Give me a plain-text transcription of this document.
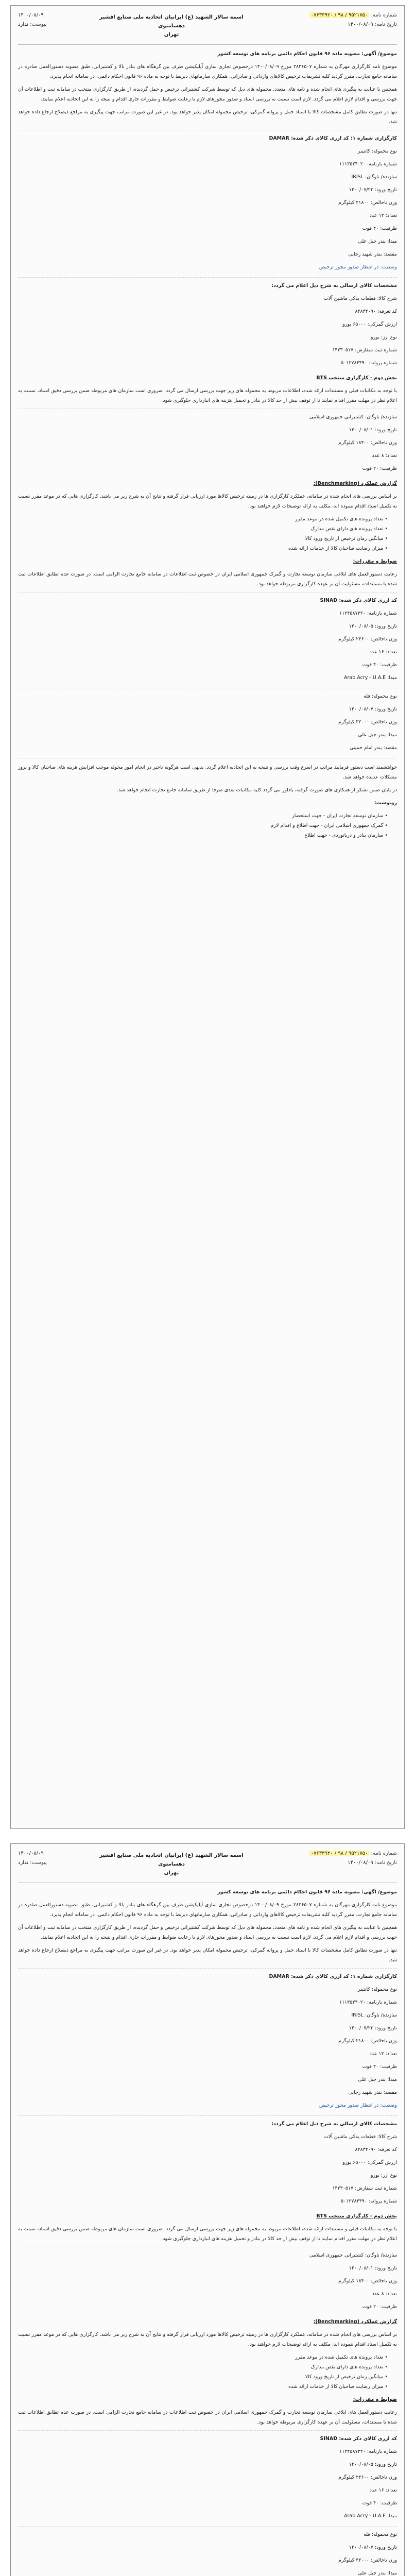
شماره نامه: ۹۵۲۱۷۵۰ / ۹۸ / ۰۷۶۳۳۹۲۰
تاریخ نامه: ۱۴۰۰/۰۸/۰۹
اسمه سالار الشهید (ع) ایرانیان اتحادیه ملی صنایع افشیر دهسامتوی
تهران
۱۴۰۰/۰۸/۰۹
پیوست: ندارد

موضوع/ آگهی: مصوبه ماده ۹۶ قانون احکام دائمی برنامه های توسعه کشور

موضوع نامه کارگزاری مهرگان به شماره ۲۸۳۶۵۰۷ مورخ ۱۴۰۰/۰۸/۰۹ درخصوص تجاری سازی آپلیکیشن ظرف بین گرهگاه های بنادر بالا و کشتیرانی، طبق مصوبه دستورالعمل صادره در سامانه جامع تجارت، مقرر گردید کلیه تشریفات ترخیص کالاهای وارداتی و صادراتی، همکاری سازمانهای ذیربط با توجه به ماده ۹۶ قانون احکام دائمی، در سامانه انجام پذیرد.

همچنین با عنایت به پیگیری های انجام شده و نامه های متعدد، محموله های ذیل که توسط شرکت کشتیرانی ترخیص و حمل گردیده، از طریق کارگزاری منتخب در سامانه ثبت و اطلاعات آن جهت بررسی و اقدام لازم اعلام می گردد. لازم است نسبت به بررسی اسناد و صدور مجوزهای لازم با رعایت ضوابط و مقررات جاری اقدام و نتیجه را به این اتحادیه اعلام نمایند.

تنها در صورت تطابق کامل مشخصات کالا با اسناد حمل و پروانه گمرکی، ترخیص محموله امکان پذیر خواهد بود. در غیر این صورت مراتب جهت پیگیری به مراجع ذیصلاح ارجاع داده خواهد شد.

کارگزاری شماره ۱: کد ارزی کالای ذکر شده: DAMAR

نوع محموله: کانتینر

شماره بارنامه: ۱۱۱۳۵۲۴۰۲۰

سازنده/ ناوگان: IRISL

تاریخ ورود: ۱۴۰۰/۰۷/۲۳

وزن ناخالص: ۲۱۸۰۰ کیلوگرم

تعداد: ۱۲ عدد

ظرفیت: ۴۰ فوت

مبدا: بندر جبل علی

مقصد: بندر شهید رجایی

وضعیت: در انتظار صدور مجوز ترخیص

مشخصات کالای ارسالی به شرح ذیل اعلام می گردد:

شرح کالا: قطعات یدکی ماشین آلات

کد تعرفه: ۸۴۸۳۴۰۹۰

ارزش گمرکی: ۶۵۰۰۰ یورو

نوع ارز: یورو

شماره ثبت سفارش: ۱۴۲۳۰۵۱۷

شماره پروانه: ۵۰۱۲۷۸۴۴۹۰

بخش دوم - کارگزاری منتخب BTS

با توجه به مکاتبات قبلی و مستندات ارائه شده، اطلاعات مربوط به محموله های زیر جهت بررسی ارسال می گردد. ضروری است سازمان های مربوطه ضمن بررسی دقیق اسناد، نسبت به اعلام نظر در مهلت مقرر اقدام نمایند تا از توقف بیش از حد کالا در بنادر و تحمیل هزینه های انبارداری جلوگیری شود.

سازنده/ ناوگان: کشتیرانی جمهوری اسلامی

تاریخ ورود: ۱۴۰۰/۰۸/۰۱

وزن ناخالص: ۱۸۴۰۰ کیلوگرم

تعداد: ۸ عدد

ظرفیت: ۲۰ فوت

گزارش عملکرد (Benchmarking):

بر اساس بررسی های انجام شده در سامانه، عملکرد کارگزاری ها در زمینه ترخیص کالاها مورد ارزیابی قرار گرفته و نتایج آن به شرح زیر می باشد. کارگزاری هایی که در موعد مقرر نسبت به تکمیل اسناد اقدام ننموده اند، مکلف به ارائه توضیحات لازم خواهند بود.

• تعداد پرونده های تکمیل شده در موعد مقرر
• تعداد پرونده های دارای نقص مدارک
• میانگین زمان ترخیص از تاریخ ورود کالا
• میزان رضایت صاحبان کالا از خدمات ارائه شده

ضوابط و مقررات:

رعایت دستورالعمل های ابلاغی سازمان توسعه تجارت و گمرک جمهوری اسلامی ایران در خصوص ثبت اطلاعات در سامانه جامع تجارت الزامی است. در صورت عدم تطابق اطلاعات ثبت شده با مستندات، مسئولیت آن بر عهده کارگزاری مربوطه خواهد بود.

کد ارزی کالای ذکر شده: SINAD

شماره بارنامه: ۱۱۲۴۵۸۷۳۲۰

تاریخ ورود: ۱۴۰۰/۰۸/۰۵

وزن ناخالص: ۲۴۶۰۰ کیلوگرم

تعداد: ۱۶ عدد

ظرفیت: ۴۰ فوت

مبدا: Arab Acry - U.A.E

نوع محموله: فله

تاریخ ورود: ۱۴۰۰/۰۸/۰۷

وزن ناخالص: ۳۲۰۰۰ کیلوگرم

مبدا: بندر جبل علی

مقصد: بندر امام خمینی

خواهشمند است دستور فرمایید مراتب در اسرع وقت بررسی و نتیجه به این اتحادیه اعلام گردد. بدیهی است هرگونه تاخیر در انجام امور محوله موجب افزایش هزینه های صاحبان کالا و بروز مشکلات عدیده خواهد شد.

در پایان ضمن تشکر از همکاری های صورت گرفته، یادآور می گردد کلیه مکاتبات بعدی صرفا از طریق سامانه جامع تجارت انجام خواهد شد.

رونوشت:

• سازمان توسعه تجارت ایران - جهت استحضار
• گمرک جمهوری اسلامی ایران - جهت اطلاع و اقدام لازم
• سازمان بنادر و دریانوردی - جهت اطلاع
شماره نامه: ۹۵۲۱۷۵۰ / ۹۸ / ۰۷۶۳۳۹۲۰
تاریخ نامه: ۱۴۰۰/۰۸/۰۹
اسمه سالار الشهید (ع) ایرانیان اتحادیه ملی صنایع افشیر دهسامتوی
تهران
۱۴۰۰/۰۸/۰۹
پیوست: ندارد

موضوع/ آگهی: مصوبه ماده ۹۶ قانون احکام دائمی برنامه های توسعه کشور

موضوع نامه کارگزاری مهرگان به شماره ۲۸۳۶۵۰۷ مورخ ۱۴۰۰/۰۸/۰۹ درخصوص تجاری سازی آپلیکیشن ظرف بین گرهگاه های بنادر بالا و کشتیرانی، طبق مصوبه دستورالعمل صادره در سامانه جامع تجارت، مقرر گردید کلیه تشریفات ترخیص کالاهای وارداتی و صادراتی، همکاری سازمانهای ذیربط با توجه به ماده ۹۶ قانون احکام دائمی، در سامانه انجام پذیرد.

همچنین با عنایت به پیگیری های انجام شده و نامه های متعدد، محموله های ذیل که توسط شرکت کشتیرانی ترخیص و حمل گردیده، از طریق کارگزاری منتخب در سامانه ثبت و اطلاعات آن جهت بررسی و اقدام لازم اعلام می گردد. لازم است نسبت به بررسی اسناد و صدور مجوزهای لازم با رعایت ضوابط و مقررات جاری اقدام و نتیجه را به این اتحادیه اعلام نمایند.

تنها در صورت تطابق کامل مشخصات کالا با اسناد حمل و پروانه گمرکی، ترخیص محموله امکان پذیر خواهد بود. در غیر این صورت مراتب جهت پیگیری به مراجع ذیصلاح ارجاع داده خواهد شد.

کارگزاری شماره ۱: کد ارزی کالای ذکر شده: DAMAR

نوع محموله: کانتینر

شماره بارنامه: ۱۱۱۳۵۲۴۰۲۰

سازنده/ ناوگان: IRISL

تاریخ ورود: ۱۴۰۰/۰۷/۲۳

وزن ناخالص: ۲۱۸۰۰ کیلوگرم

تعداد: ۱۲ عدد

ظرفیت: ۴۰ فوت

مبدا: بندر جبل علی

مقصد: بندر شهید رجایی

وضعیت: در انتظار صدور مجوز ترخیص

مشخصات کالای ارسالی به شرح ذیل اعلام می گردد:

شرح کالا: قطعات یدکی ماشین آلات

کد تعرفه: ۸۴۸۳۴۰۹۰

ارزش گمرکی: ۶۵۰۰۰ یورو

نوع ارز: یورو

شماره ثبت سفارش: ۱۴۲۳۰۵۱۷

شماره پروانه: ۵۰۱۲۷۸۴۴۹۰

بخش دوم - کارگزاری منتخب BTS

با توجه به مکاتبات قبلی و مستندات ارائه شده، اطلاعات مربوط به محموله های زیر جهت بررسی ارسال می گردد. ضروری است سازمان های مربوطه ضمن بررسی دقیق اسناد، نسبت به اعلام نظر در مهلت مقرر اقدام نمایند تا از توقف بیش از حد کالا در بنادر و تحمیل هزینه های انبارداری جلوگیری شود.

سازنده/ ناوگان: کشتیرانی جمهوری اسلامی

تاریخ ورود: ۱۴۰۰/۰۸/۰۱

وزن ناخالص: ۱۸۴۰۰ کیلوگرم

تعداد: ۸ عدد

ظرفیت: ۲۰ فوت

گزارش عملکرد (Benchmarking):

بر اساس بررسی های انجام شده در سامانه، عملکرد کارگزاری ها در زمینه ترخیص کالاها مورد ارزیابی قرار گرفته و نتایج آن به شرح زیر می باشد. کارگزاری هایی که در موعد مقرر نسبت به تکمیل اسناد اقدام ننموده اند، مکلف به ارائه توضیحات لازم خواهند بود.

• تعداد پرونده های تکمیل شده در موعد مقرر
• تعداد پرونده های دارای نقص مدارک
• میانگین زمان ترخیص از تاریخ ورود کالا
• میزان رضایت صاحبان کالا از خدمات ارائه شده

ضوابط و مقررات:

رعایت دستورالعمل های ابلاغی سازمان توسعه تجارت و گمرک جمهوری اسلامی ایران در خصوص ثبت اطلاعات در سامانه جامع تجارت الزامی است. در صورت عدم تطابق اطلاعات ثبت شده با مستندات، مسئولیت آن بر عهده کارگزاری مربوطه خواهد بود.

کد ارزی کالای ذکر شده: SINAD

شماره بارنامه: ۱۱۲۴۵۸۷۳۲۰

تاریخ ورود: ۱۴۰۰/۰۸/۰۵

وزن ناخالص: ۲۴۶۰۰ کیلوگرم

تعداد: ۱۶ عدد

ظرفیت: ۴۰ فوت

مبدا: Arab Acry - U.A.E

نوع محموله: فله

تاریخ ورود: ۱۴۰۰/۰۸/۰۷

وزن ناخالص: ۳۲۰۰۰ کیلوگرم

مبدا: بندر جبل علی
